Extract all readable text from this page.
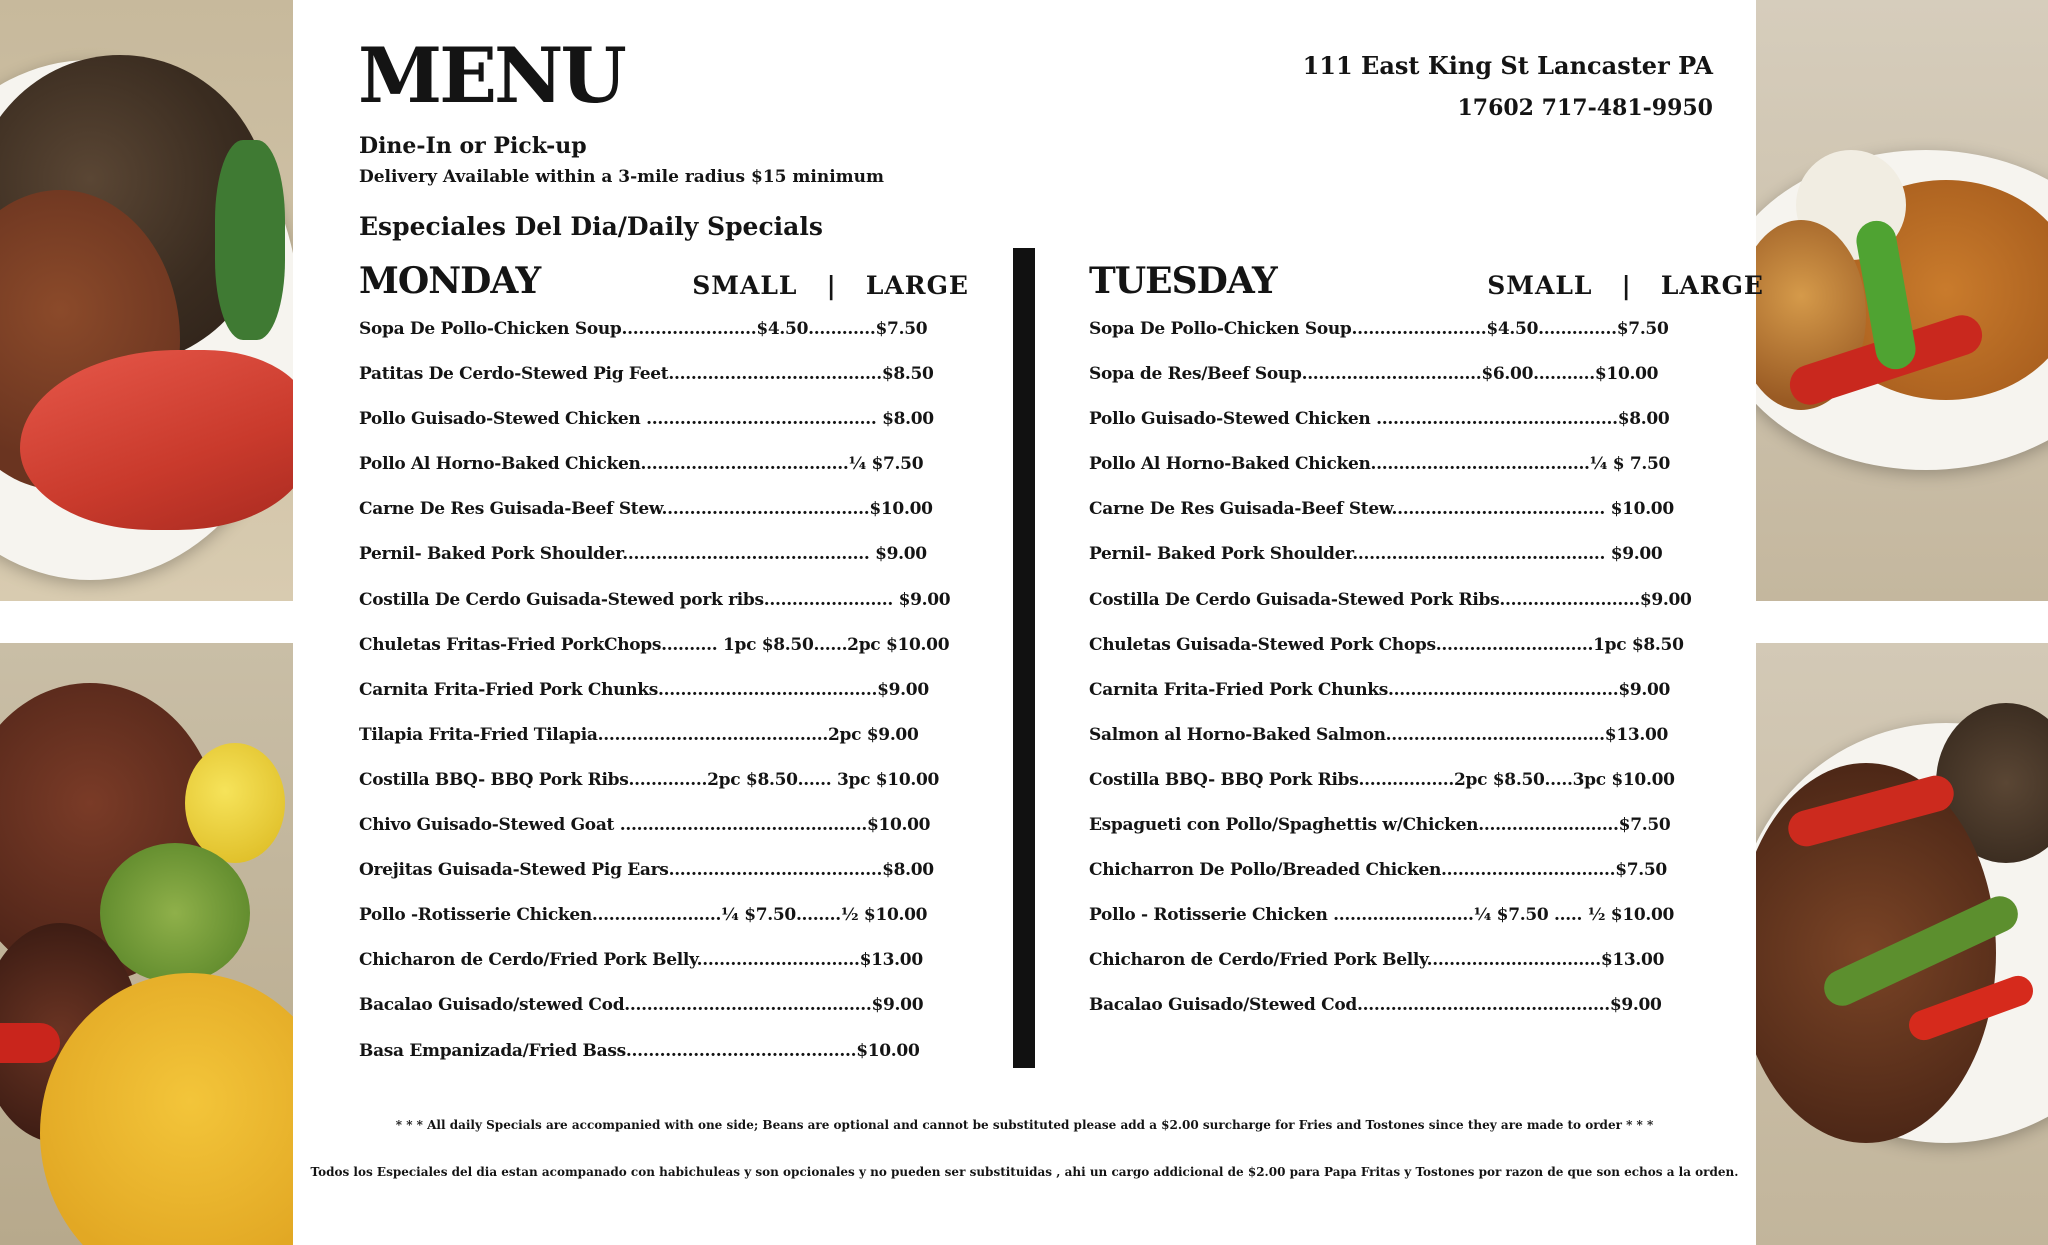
MENU
Dine-In or Pick-up
Delivery Available within a 3-mile radius $15 minimum
Especiales Del Dia/Daily Specials
111 East King St Lancaster PA
17602 717-481-9950
MONDAY	SMALL   |   LARGE
Sopa De Pollo-Chicken Soup........................$4.50............$7.50
Patitas De Cerdo-Stewed Pig Feet......................................$8.50
Pollo Guisado-Stewed Chicken ......................................... $8.00
Pollo Al Horno-Baked Chicken.....................................¼ $7.50
Carne De Res Guisada-Beef Stew.....................................$10.00
Pernil- Baked Pork Shoulder............................................ $9.00
Costilla De Cerdo Guisada-Stewed pork ribs....................... $9.00
Chuletas Fritas-Fried PorkChops.......... 1pc $8.50......2pc $10.00
Carnita Frita-Fried Pork Chunks.......................................$9.00
Tilapia Frita-Fried Tilapia.........................................2pc $9.00
Costilla BBQ- BBQ Pork Ribs..............2pc $8.50...... 3pc $10.00
Chivo Guisado-Stewed Goat ............................................$10.00
Orejitas Guisada-Stewed Pig Ears......................................$8.00
Pollo -Rotisserie Chicken.......................¼ $7.50........½ $10.00
Chicharon de Cerdo/Fried Pork Belly.............................$13.00
Bacalao Guisado/stewed Cod............................................$9.00
Basa Empanizada/Fried Bass.........................................$10.00
TUESDAY	SMALL   |   LARGE
Sopa De Pollo-Chicken Soup........................$4.50..............$7.50
Sopa de Res/Beef Soup................................$6.00...........$10.00
Pollo Guisado-Stewed Chicken ...........................................$8.00
Pollo Al Horno-Baked Chicken.......................................¼ $ 7.50
Carne De Res Guisada-Beef Stew...................................... $10.00
Pernil- Baked Pork Shoulder............................................. $9.00
Costilla De Cerdo Guisada-Stewed Pork Ribs.........................$9.00
Chuletas Guisada-Stewed Pork Chops............................1pc $8.50
Carnita Frita-Fried Pork Chunks.........................................$9.00
Salmon al Horno-Baked Salmon.......................................$13.00
Costilla BBQ- BBQ Pork Ribs.................2pc $8.50.....3pc $10.00
Espagueti con Pollo/Spaghettis w/Chicken.........................$7.50
Chicharron De Pollo/Breaded Chicken...............................$7.50
Pollo - Rotisserie Chicken .........................¼ $7.50 ..... ½ $10.00
Chicharon de Cerdo/Fried Pork Belly...............................$13.00
Bacalao Guisado/Stewed Cod.............................................$9.00
* * * All daily Specials are accompanied with one side; Beans are optional and cannot be substituted please add a $2.00 surcharge for Fries and Tostones since they are made to order * * *
Todos los Especiales del dia estan acompanado con habichuleas y son opcionales y no pueden ser substituidas , ahi un cargo addicional de $2.00 para Papa Fritas y Tostones por razon de que son echos a la orden.
